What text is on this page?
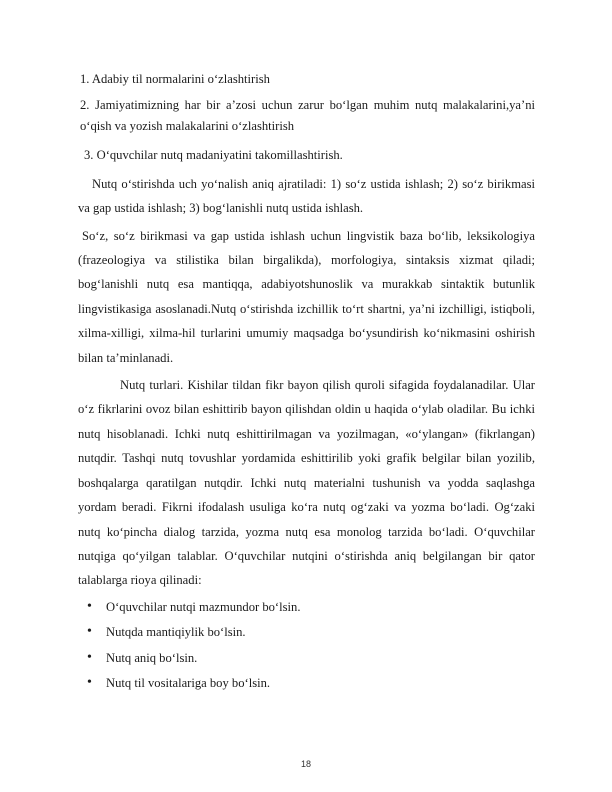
1. Adabiy til normalarini oʻzlashtirish

2. Jamiyatimizning har bir aʼzosi uchun zarur boʻlgan muhim nutq malakalarini,yaʼni oʻqish va yozish malakalarini oʻzlashtirish

3. Oʻquvchilar nutq madaniyatini takomillashtirish.

Nutq oʻstirishda uch yoʻnalish aniq ajratiladi: 1) soʻz ustida ishlash; 2) soʻz birikmasi va gap ustida ishlash; 3) bogʻlanishli nutq ustida ishlash.

Soʻz, soʻz birikmasi va gap ustida ishlash uchun lingvistik baza boʻlib, leksikologiya (frazeologiya va stilistika bilan birgalikda), morfologiya, sintaksis xizmat qiladi; bogʻlanishli nutq esa mantiqqa, adabiyotshunoslik va murakkab sintaktik butunlik lingvistikasiga asoslanadi.Nutq oʻstirishda izchillik toʻrt shartni, yaʼni izchilligi, istiqboli, xilma-xilligi, xilma-hil turlarini umumiy maqsadga boʻysundirish koʻnikmasini oshirish bilan taʼminlanadi.

Nutq turlari. Kishilar tildan fikr bayon qilish quroli sifagida foydalanadilar. Ular oʻz fikrlarini ovoz bilan eshittirib bayon qilishdan oldin u haqida oʻylab oladilar. Bu ichki nutq hisoblanadi. Ichki nutq eshittirilmagan va yozilmagan, «oʻylangan» (fikrlangan) nutqdir. Tashqi nutq tovushlar yordamida eshittirilib yoki grafik belgilar bilan yozilib, boshqalarga qaratilgan nutqdir. Ichki nutq materialni tushunish va yodda saqlashga yordam beradi. Fikrni ifodalash usuliga koʻra nutq ogʻzaki va yozma boʻladi. Ogʻzaki nutq koʻpincha dialog tarzida, yozma nutq esa monolog tarzida boʻladi. Oʻquvchilar nutqiga qoʻyilgan talablar. Oʻquvchilar nutqini oʻstirishda aniq belgilangan bir qator talablarga rioya qilinadi:

• Oʻquvchilar nutqi mazmundor boʻlsin.
• Nutqda mantiqiylik boʻlsin.
• Nutq aniq boʻlsin.
• Nutq til vositalariga boy boʻlsin.
18
